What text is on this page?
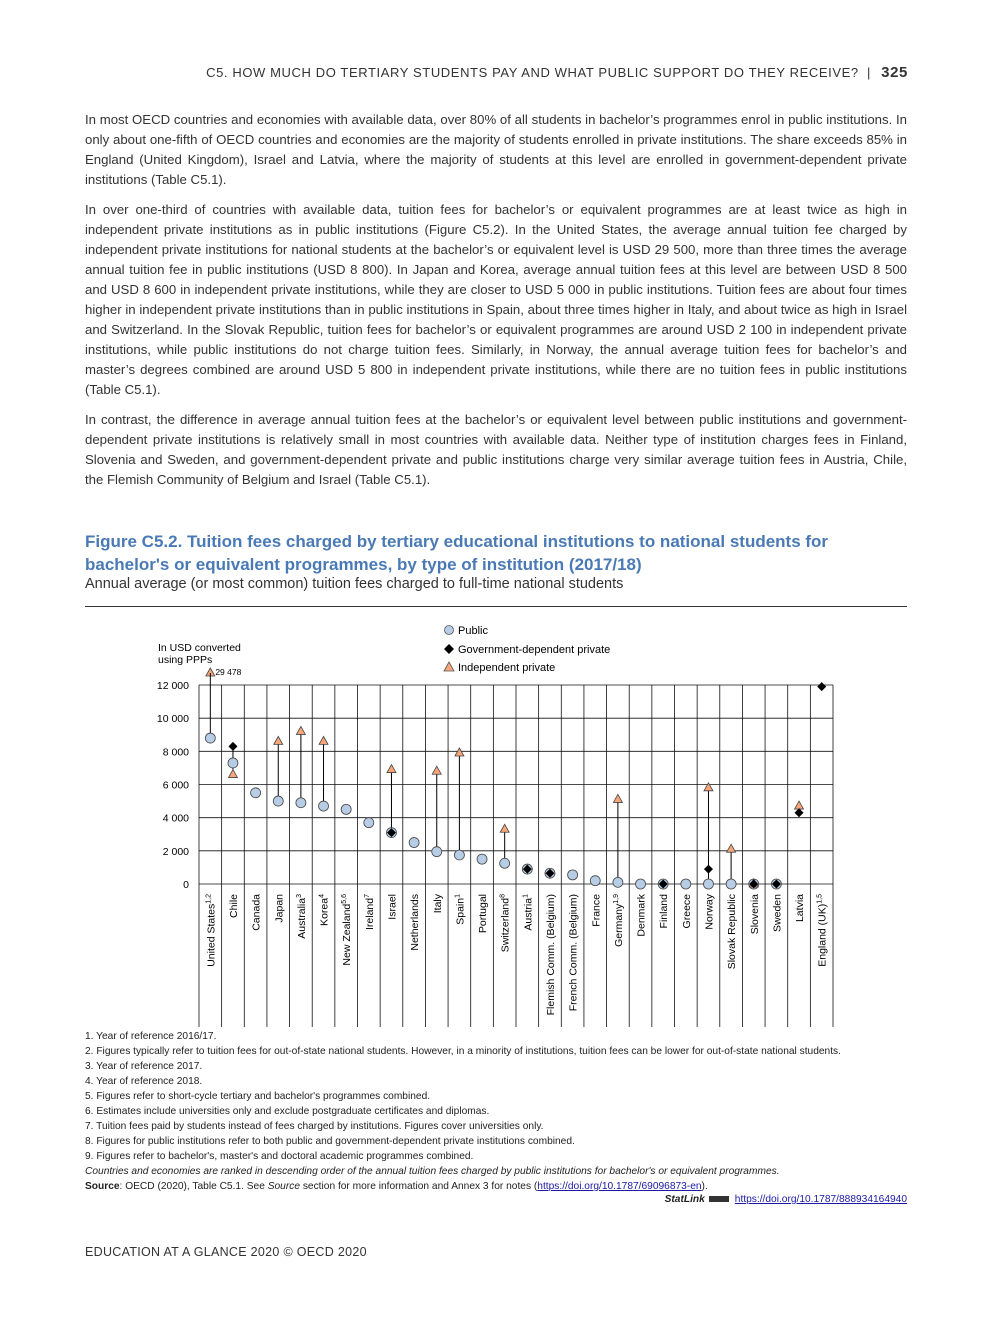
C5. HOW MUCH DO TERTIARY STUDENTS PAY AND WHAT PUBLIC SUPPORT DO THEY RECEIVE? | 325

In most OECD countries and economies with available data, over 80% of all students in bachelor’s programmes enrol in public institutions. In only about one-fifth of OECD countries and economies are the majority of students enrolled in private institutions. The share exceeds 85% in England (United Kingdom), Israel and Latvia, where the majority of students at this level are enrolled in government-dependent private institutions (Table C5.1).

In over one-third of countries with available data, tuition fees for bachelor’s or equivalent programmes are at least twice as high in independent private institutions as in public institutions (Figure C5.2). In the United States, the average annual tuition fee charged by independent private institutions for national students at the bachelor’s or equivalent level is USD 29 500, more than three times the average annual tuition fee in public institutions (USD 8 800). In Japan and Korea, average annual tuition fees at this level are between USD 8 500 and USD 8 600 in independent private institutions, while they are closer to USD 5 000 in public institutions. Tuition fees are about four times higher in independent private institutions than in public institutions in Spain, about three times higher in Italy, and about twice as high in Israel and Switzerland. In the Slovak Republic, tuition fees for bachelor’s or equivalent programmes are around USD 2 100 in independent private institutions, while public institutions do not charge tuition fees. Similarly, in Norway, the annual average tuition fees for bachelor’s and master’s degrees combined are around USD 5 800 in independent private institutions, while there are no tuition fees in public institutions (Table C5.1).

In contrast, the difference in average annual tuition fees at the bachelor’s or equivalent level between public institutions and government-dependent private institutions is relatively small in most countries with available data. Neither type of institution charges fees in Finland, Slovenia and Sweden, and government-dependent private and public institutions charge very similar average tuition fees in Austria, Chile, the Flemish Community of Belgium and Israel (Table C5.1).

Figure C5.2. Tuition fees charged by tertiary educational institutions to national students for bachelor's or equivalent programmes, by type of institution (2017/18)
Annual average (or most common) tuition fees charged to full-time national students
Public
Government-dependent private
Independent private
In USD converted
using PPPs
0
2 000
4 000
6 000
8 000
10 000
12 000
29 478
United States$^{1,2}$	Chile Canada Japan Australia$^3$
Korea$^4$
New Zealand$^{5,6}$	Ireland$^7$	Israel Netherlands Italy Spain$^1$	Portugal Switzerland$^8$
Austria$^1$	Flemish Comm. (Belgium) French Comm. (Belgium) France Germany$^{1,9}$	Denmark Finland Greece Norway Slovak Republic Slovenia Sweden Latvia England (UK)$^{1,5}$
1. Year of reference 2016/17.
2. Figures typically refer to tuition fees for out-of-state national students. However, in a minority of institutions, tuition fees can be lower for out-of-state national students.
3. Year of reference 2017.
4. Year of reference 2018.
5. Figures refer to short-cycle tertiary and bachelor's programmes combined.
6. Estimates include universities only and exclude postgraduate certificates and diplomas.
7. Tuition fees paid by students instead of fees charged by institutions. Figures cover universities only.
8. Figures for public institutions refer to both public and government-dependent private institutions combined.
9. Figures refer to bachelor's, master's and doctoral academic programmes combined.
Countries and economies are ranked in descending order of the annual tuition fees charged by public institutions for bachelor's or equivalent programmes.
Source: OECD (2020), Table C5.1. See Source section for more information and Annex 3 for notes (https://doi.org/10.1787/69096873-en).
StatLink	https://doi.org/10.1787/888934164940
EDUCATION AT A GLANCE 2020 © OECD 2020
